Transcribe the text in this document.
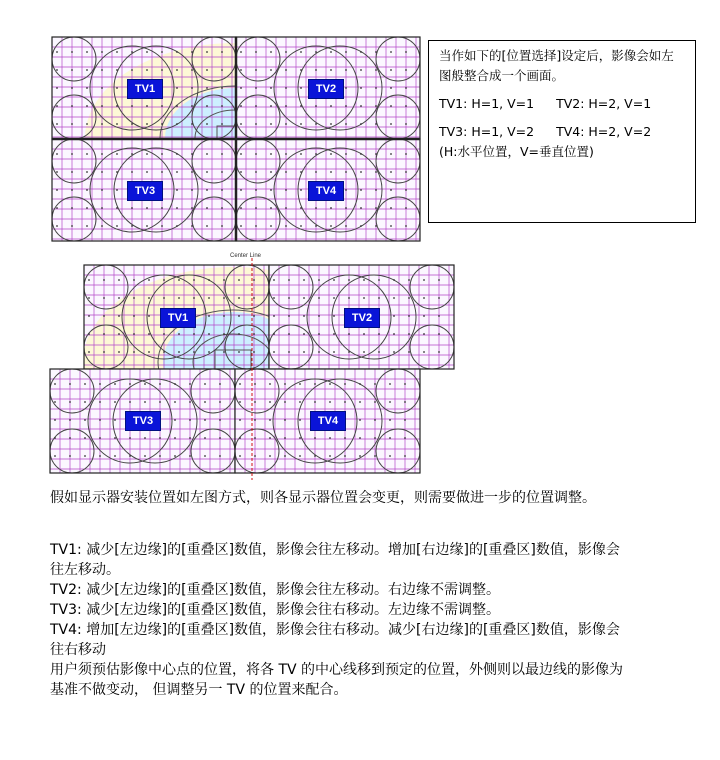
TV1	TV2
TV3	TV4
当作如下的[位置选择]设定后，影像会如左
图般整合成一个画面。
TV1: H=1, V=1 TV2: H=2, V=1
TV3: H=1, V=2 TV4: H=2, V=2
(H:水平位置，V=垂直位置)
Center Line
TV1	TV2
TV3	TV4
假如显示器安装位置如左图方式，则各显示器位置会变更，则需要做进一步的位置调整。
TV1: 减少[左边缘]的[重叠区]数值，影像会往左移动。增加[右边缘]的[重叠区]数值，影像会
往左移动。
TV2: 减少[左边缘]的[重叠区]数值，影像会往左移动。右边缘不需调整。
TV3: 减少[左边缘]的[重叠区]数值，影像会往右移动。左边缘不需调整。
TV4: 增加[左边缘]的[重叠区]数值，影像会往右移动。减少[右边缘]的[重叠区]数值，影像会
往右移动
用户须预估影像中心点的位置，将各 TV 的中心线移到预定的位置，外侧则以最边线的影像为
基准不做变动， 但调整另一 TV 的位置来配合。
